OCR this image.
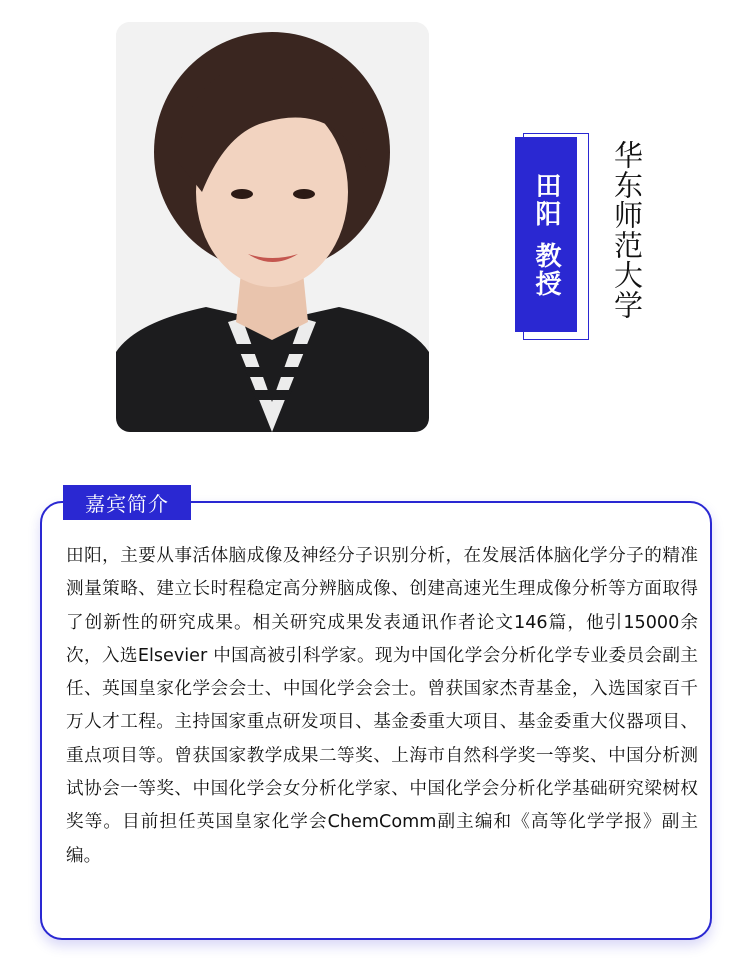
田阳
教授	华东师范大学
嘉宾简介

田阳，主要从事活体脑成像及神经分子识别分析，在发展活体脑化学分子的精准测量策略、建立长时程稳定高分辨脑成像、创建高速光生理成像分析等方面取得了创新性的研究成果。相关研究成果发表通讯作者论文146篇，他引15000余次，入选Elsevier 中国高被引科学家。现为中国化学会分析化学专业委员会副主任、英国皇家化学会会士、中国化学会会士。曾获国家杰青基金，入选国家百千万人才工程。主持国家重点研发项目、基金委重大项目、基金委重大仪器项目、重点项目等。曾获国家教学成果二等奖、上海市自然科学奖一等奖、中国分析测试协会一等奖、中国化学会女分析化学家、中国化学会分析化学基础研究梁树权奖等。目前担任英国皇家化学会ChemComm副主编和《高等化学学报》副主编。
